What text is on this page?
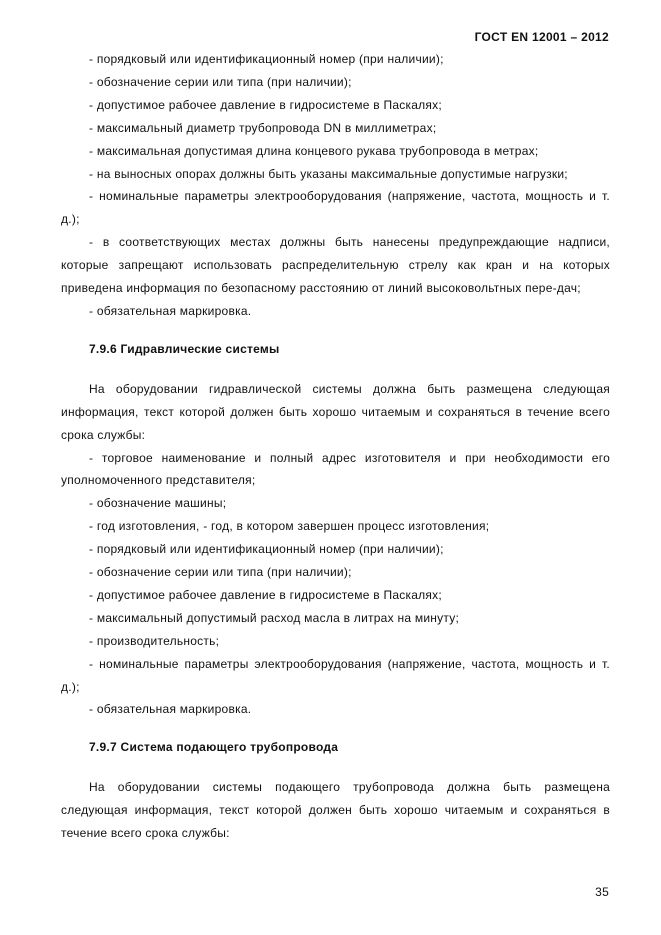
ГОСТ EN 12001 – 2012
- порядковый или идентификационный номер (при наличии);
- обозначение серии или типа (при наличии);
- допустимое рабочее давление в гидросистеме в Паскалях;
- максимальный диаметр трубопровода DN в миллиметрах;
- максимальная допустимая длина концевого рукава трубопровода в метрах;
- на выносных опорах должны быть указаны максимальные допустимые нагрузки;
- номинальные параметры электрооборудования (напряжение, частота, мощность и т. д.);
- в соответствующих местах должны быть нанесены предупреждающие надписи, которые запрещают использовать распределительную стрелу как кран и на которых приведена информация по безопасному расстоянию от линий высоковольтных пере-дач;
- обязательная маркировка.
7.9.6 Гидравлические системы
На оборудовании гидравлической системы должна быть размещена следующая информация, текст которой должен быть хорошо читаемым и сохраняться в течение всего срока службы:
- торговое наименование и полный адрес изготовителя и при необходимости его уполномоченного представителя;
- обозначение машины;
- год изготовления, - год, в котором завершен процесс изготовления;
- порядковый или идентификационный номер (при наличии);
- обозначение серии или типа (при наличии);
- допустимое рабочее давление в гидросистеме в Паскалях;
- максимальный допустимый расход масла в литрах на минуту;
- производительность;
- номинальные параметры электрооборудования (напряжение, частота, мощность и т. д.);
- обязательная маркировка.
7.9.7 Система подающего трубопровода
На оборудовании системы подающего трубопровода должна быть размещена следующая информация, текст которой должен быть хорошо читаемым и сохраняться в течение всего срока службы:
35
